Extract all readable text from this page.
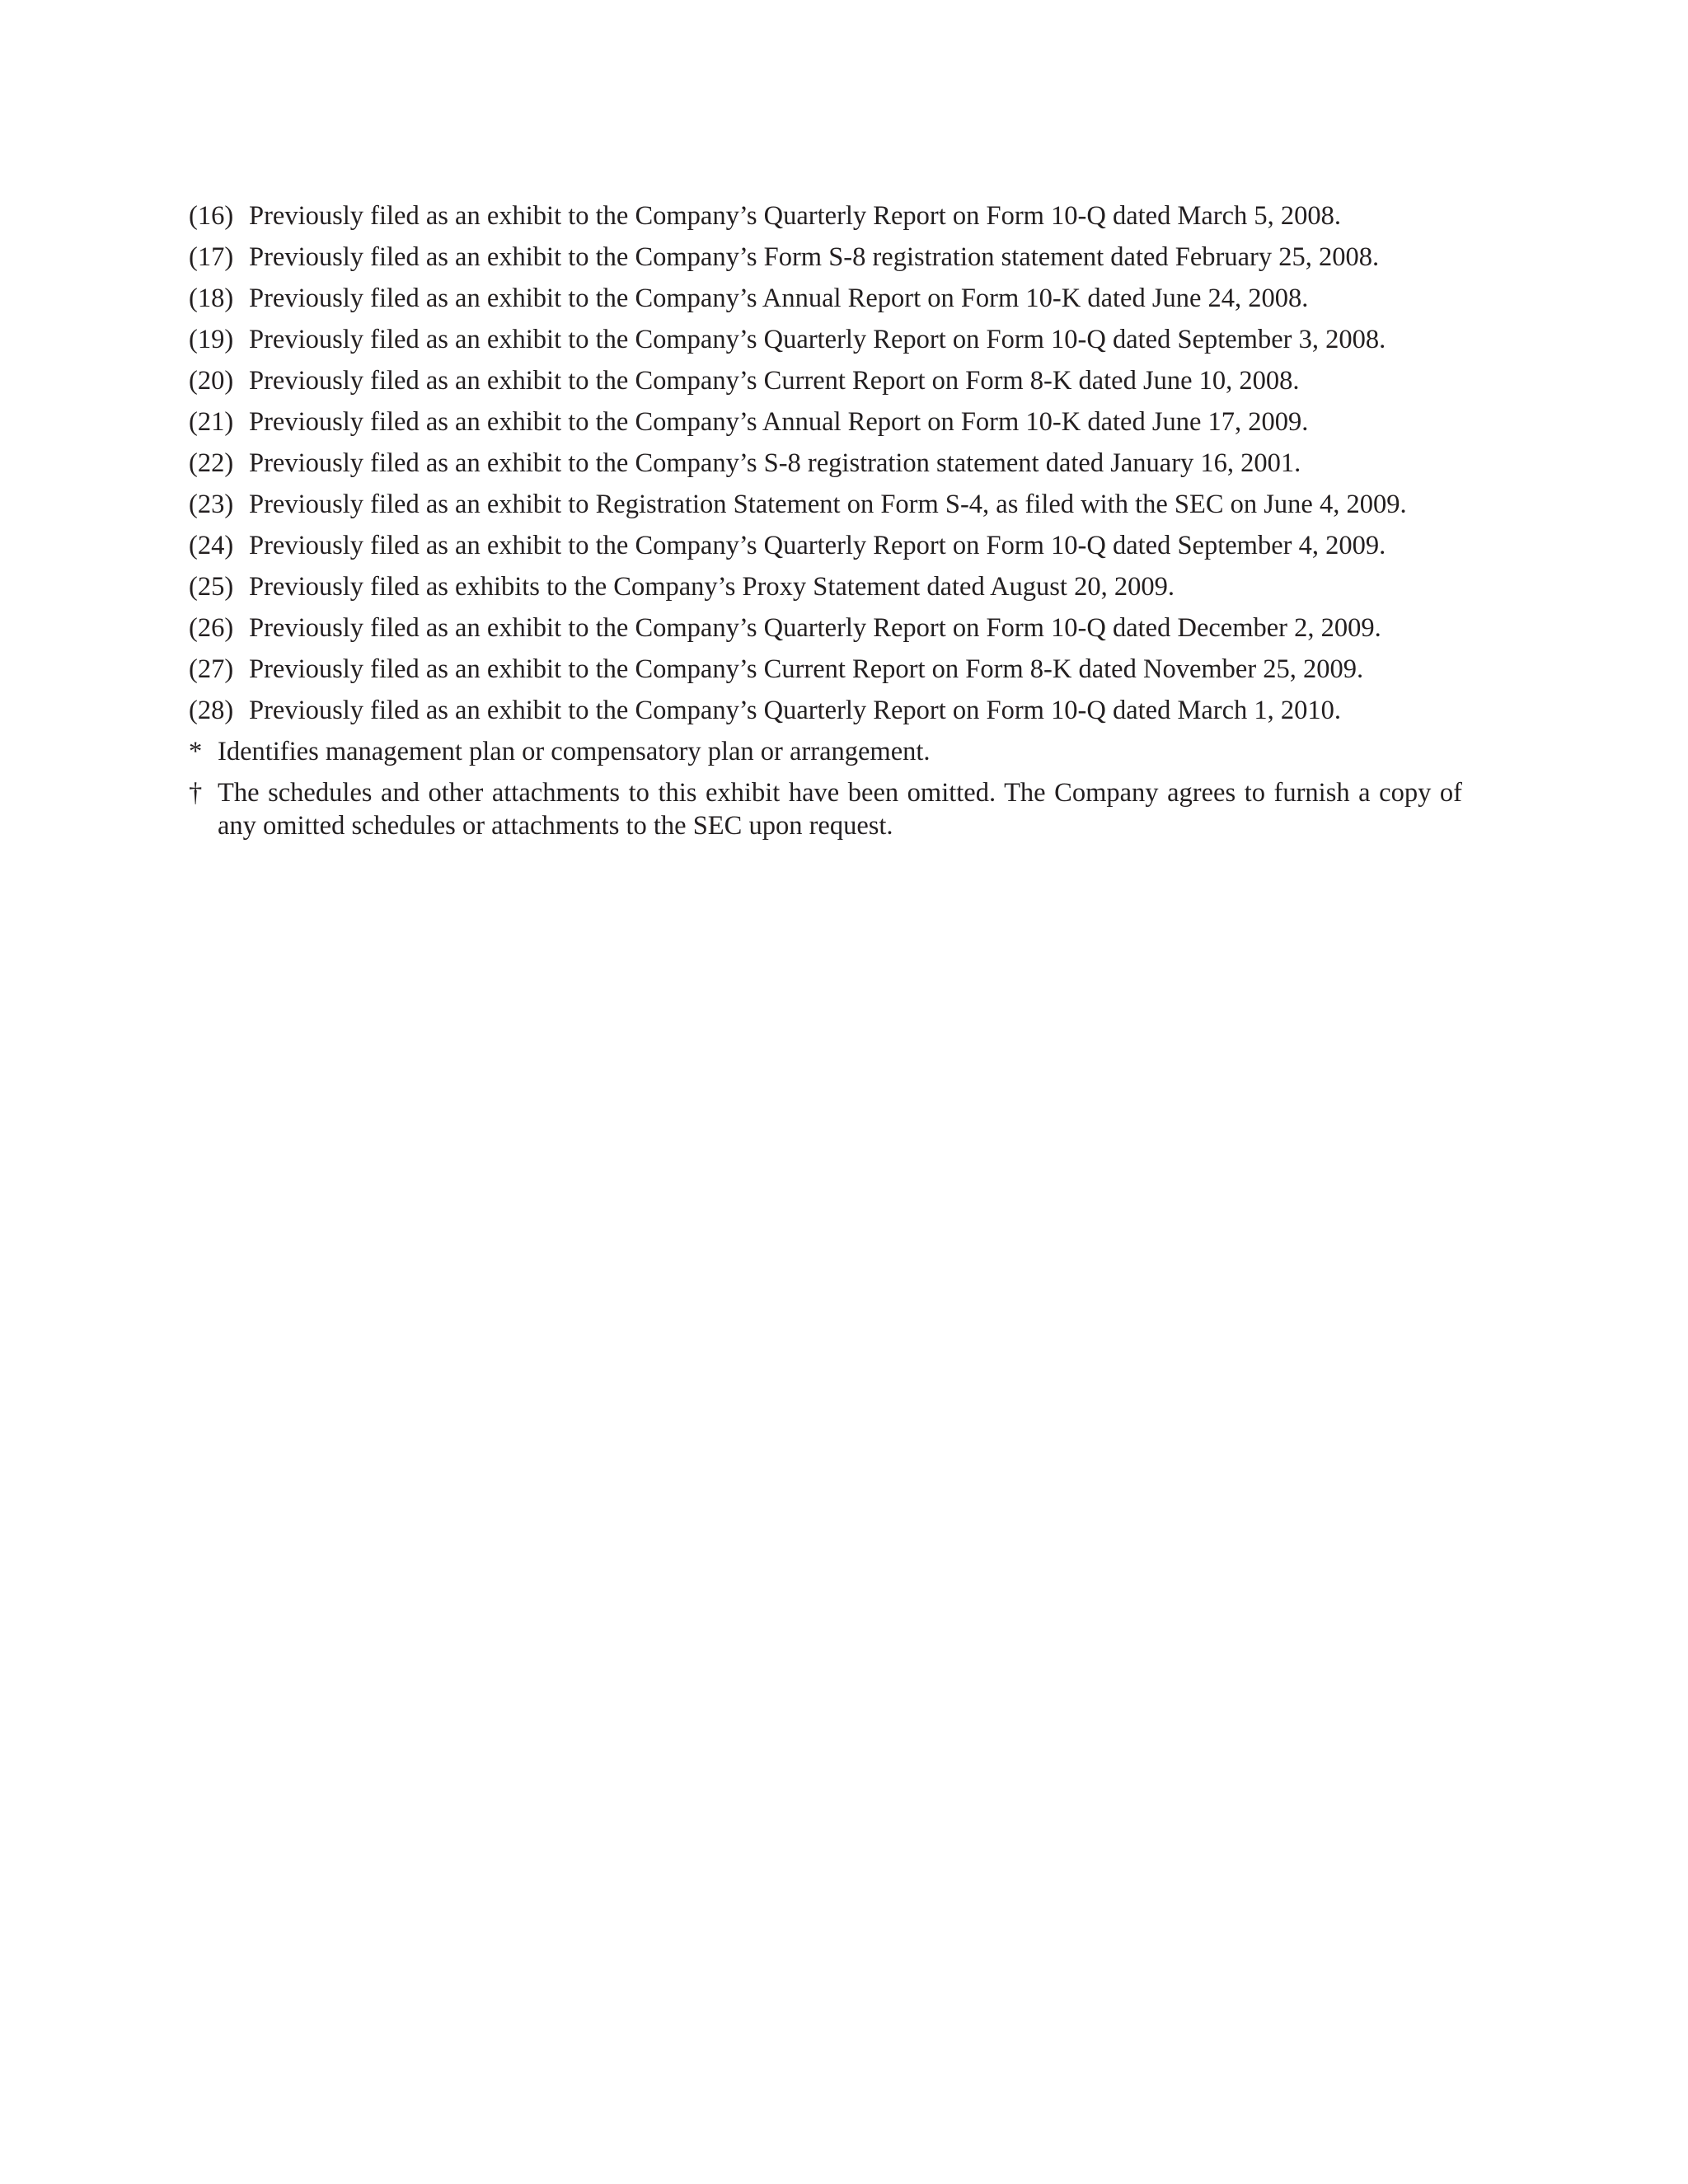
(16) Previously filed as an exhibit to the Company’s Quarterly Report on Form 10-Q dated March 5, 2008.
(17) Previously filed as an exhibit to the Company’s Form S-8 registration statement dated February 25, 2008.
(18) Previously filed as an exhibit to the Company’s Annual Report on Form 10-K dated June 24, 2008.
(19) Previously filed as an exhibit to the Company’s Quarterly Report on Form 10-Q dated September 3, 2008.
(20) Previously filed as an exhibit to the Company’s Current Report on Form 8-K dated June 10, 2008.
(21) Previously filed as an exhibit to the Company’s Annual Report on Form 10-K dated June 17, 2009.
(22) Previously filed as an exhibit to the Company’s S-8 registration statement dated January 16, 2001.
(23) Previously filed as an exhibit to Registration Statement on Form S-4, as filed with the SEC on June 4, 2009.
(24) Previously filed as an exhibit to the Company’s Quarterly Report on Form 10-Q dated September 4, 2009.
(25) Previously filed as exhibits to the Company’s Proxy Statement dated August 20, 2009.
(26) Previously filed as an exhibit to the Company’s Quarterly Report on Form 10-Q dated December 2, 2009.
(27) Previously filed as an exhibit to the Company’s Current Report on Form 8-K dated November 25, 2009.
(28) Previously filed as an exhibit to the Company’s Quarterly Report on Form 10-Q dated March 1, 2010.
* Identifies management plan or compensatory plan or arrangement.
† The schedules and other attachments to this exhibit have been omitted. The Company agrees to furnish a copy of any omitted schedules or attachments to the SEC upon request.
